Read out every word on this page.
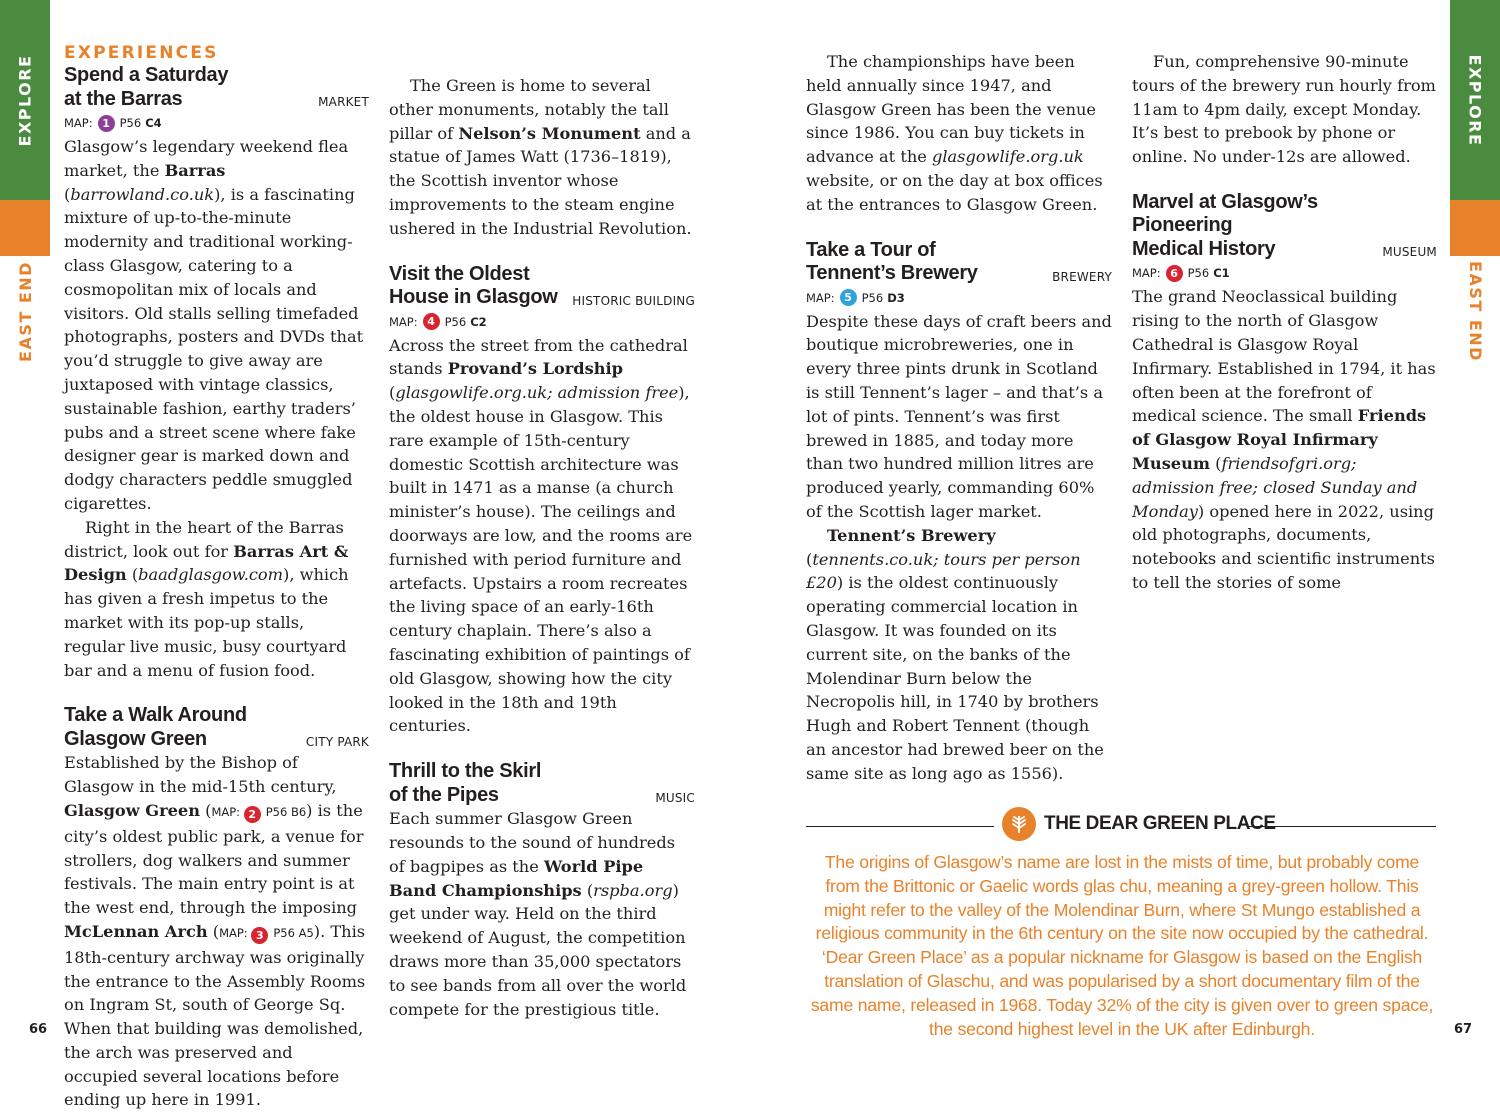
EXPLORE
EAST END
EXPLORE
EAST END
EXPERIENCES
Spend a Saturday
at the Barras	MARKET
MAP: 1 P56 C4

Glasgow’s legendary weekend flea market, the Barras (barrowland.co.uk), is a fascinating mixture of up-to-the-minute modernity and traditional working-class Glasgow, catering to a cosmopolitan mix of locals and visitors. Old stalls selling timefaded photographs, posters and DVDs that you’d struggle to give away are juxtaposed with vintage classics, sustainable fashion, earthy traders’ pubs and a street scene where fake designer gear is marked down and dodgy characters peddle smuggled cigarettes.

Right in the heart of the Barras district, look out for Barras Art & Design (baadglasgow.com), which has given a fresh impetus to the market with its pop-up stalls, regular live music, busy courtyard bar and a menu of fusion food.

Take a Walk Around
Glasgow Green	CITY PARK

Established by the Bishop of Glasgow in the mid-15th century, Glasgow Green (MAP: 2 P56 B6) is the city’s oldest public park, a venue for strollers, dog walkers and summer festivals. The main entry point is at the west end, through the imposing McLennan Arch (MAP: 3 P56 A5). This 18th-century archway was originally the entrance to the Assembly Rooms on Ingram St, south of George Sq. When that building was demolished, the arch was preserved and occupied several locations before ending up here in 1991.

The Green is home to several other monuments, notably the tall pillar of Nelson’s Monument and a statue of James Watt (1736–1819), the Scottish inventor whose improvements to the steam engine ushered in the Industrial Revolution.

Visit the Oldest
House in Glasgow HISTORIC BUILDING
MAP: 4 P56 C2

Across the street from the cathedral stands Provand’s Lordship (glasgowlife.org.uk; admission free), the oldest house in Glasgow. This rare example of 15th-century domestic Scottish architecture was built in 1471 as a manse (a church minister’s house). The ceilings and doorways are low, and the rooms are furnished with period furniture and artefacts. Upstairs a room recreates the living space of an early-16th century chaplain. There’s also a fascinating exhibition of paintings of old Glasgow, showing how the city looked in the 18th and 19th centuries.

Thrill to the Skirl
of the Pipes	MUSIC

Each summer Glasgow Green resounds to the sound of hundreds of bagpipes as the World Pipe Band Championships (rspba.org) get under way. Held on the third weekend of August, the competition draws more than 35,000 spectators to see bands from all over the world compete for the prestigious title.

The championships have been held annually since 1947, and Glasgow Green has been the venue since 1986. You can buy tickets in advance at the glasgowlife.org.uk website, or on the day at box offices at the entrances to Glasgow Green.

Take a Tour of
Tennent’s Brewery	BREWERY
MAP: 5 P56 D3

Despite these days of craft beers and boutique microbreweries, one in every three pints drunk in Scotland is still Tennent’s lager – and that’s a lot of pints. Tennent’s was first brewed in 1885, and today more than two hundred million litres are produced yearly, commanding 60% of the Scottish lager market.

Tennent’s Brewery (tennents.co.uk; tours per person £20) is the oldest continuously operating commercial location in Glasgow. It was founded on its current site, on the banks of the Molendinar Burn below the Necropolis hill, in 1740 by brothers Hugh and Robert Tennent (though an ancestor had brewed beer on the same site as long ago as 1556).

Fun, comprehensive 90-minute tours of the brewery run hourly from 11am to 4pm daily, except Monday. It’s best to prebook by phone or online. No under-12s are allowed.

Marvel at Glasgow’s Pioneering
Medical History	MUSEUM
MAP: 6 P56 C1

The grand Neoclassical building rising to the north of Glasgow Cathedral is Glasgow Royal Infirmary. Established in 1794, it has often been at the forefront of medical science. The small Friends of Glasgow Royal Infirmary Museum (friendsofgri.org; admission free; closed Sunday and Monday) opened here in 2022, using old photographs, documents, notebooks and scientific instruments to tell the stories of some

THE DEAR GREEN PLACE
The origins of Glasgow’s name are lost in the mists of time, but probably come from the Brittonic or Gaelic words glas chu, meaning a grey-green hollow. This might refer to the valley of the Molendinar Burn, where St Mungo established a religious community in the 6th century on the site now occupied by the cathedral. ‘Dear Green Place’ as a popular nickname for Glasgow is based on the English translation of Glaschu, and was popularised by a short documentary film of the same name, released in 1968. Today 32% of the city is given over to green space, the second highest level in the UK after Edinburgh.
66	67
